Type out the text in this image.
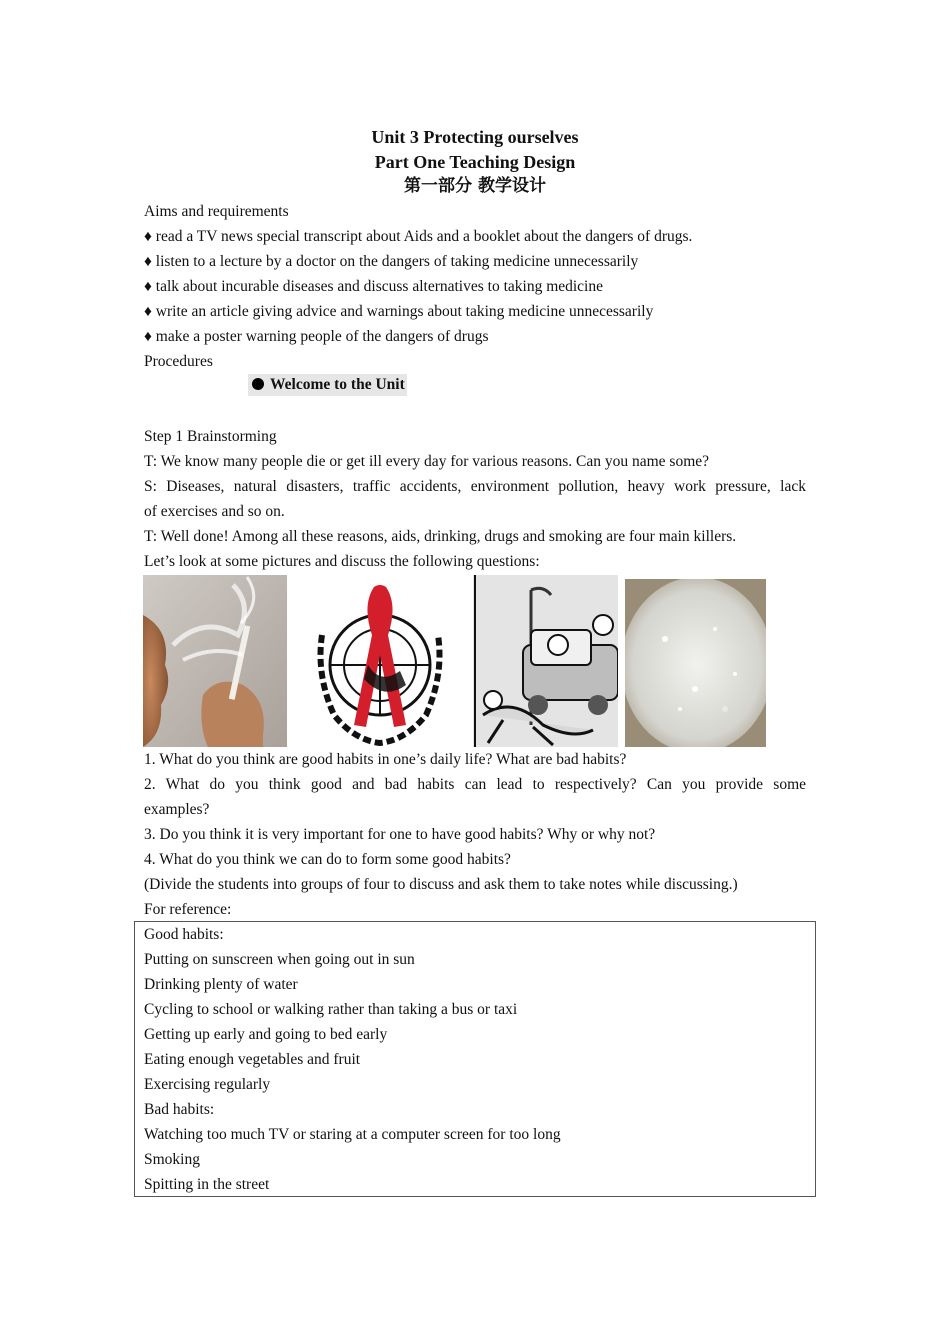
Unit 3 Protecting ourselves
Part One Teaching Design
第一部分 教学设计
Aims and requirements
♦ read a TV news special transcript about Aids and a booklet about the dangers of drugs.
♦ listen to a lecture by a doctor on the dangers of taking medicine unnecessarily
♦ talk about incurable diseases and discuss alternatives to taking medicine
♦ write an article giving advice and warnings about taking medicine unnecessarily
♦ make a poster warning people of the dangers of drugs
Procedures
Welcome to the Unit
Step 1 Brainstorming
T: We know many people die or get ill every day for various reasons. Can you name some?
S: Diseases, natural disasters, traffic accidents, environment pollution, heavy work pressure, lack
of exercises and so on.
T: Well done! Among all these reasons, aids, drinking, drugs and smoking are four main killers.
Let’s look at some pictures and discuss the following questions:
1. What do you think are good habits in one’s daily life? What are bad habits?
2. What do you think good and bad habits can lead to respectively? Can you provide some
examples?
3. Do you think it is very important for one to have good habits? Why or why not?
4. What do you think we can do to form some good habits?
(Divide the students into groups of four to discuss and ask them to take notes while discussing.)
For reference:
Good habits:
Putting on sunscreen when going out in sun
Drinking plenty of water
Cycling to school or walking rather than taking a bus or taxi
Getting up early and going to bed early
Eating enough vegetables and fruit
Exercising regularly
Bad habits:
Watching too much TV or staring at a computer screen for too long
Smoking
Spitting in the street
